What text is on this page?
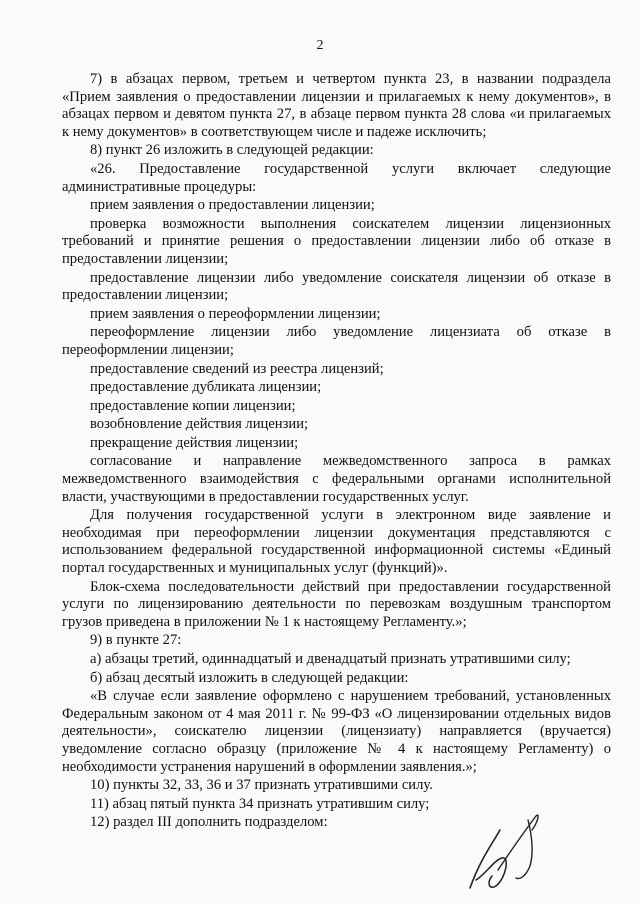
2

7) в абзацах первом, третьем и четвертом пункта 23, в названии подраздела «Прием заявления о предоставлении лицензии и прилагаемых к нему документов», в абзацах первом и девятом пункта 27, в абзаце первом пункта 28 слова «и прилагаемых к нему документов» в соответствующем числе и падеже исключить;

8) пункт 26 изложить в следующей редакции:

«26. Предоставление государственной услуги включает следующие административные процедуры:

прием заявления о предоставлении лицензии;

проверка возможности выполнения соискателем лицензии лицензионных требований и принятие решения о предоставлении лицензии либо об отказе в предоставлении лицензии;

предоставление лицензии либо уведомление соискателя лицензии об отказе в предоставлении лицензии;

прием заявления о переоформлении лицензии;

переоформление лицензии либо уведомление лицензиата об отказе в переоформлении лицензии;

предоставление сведений из реестра лицензий;

предоставление дубликата лицензии;

предоставление копии лицензии;

возобновление действия лицензии;

прекращение действия лицензии;

согласование и направление межведомственного запроса в рамках межведомственного взаимодействия с федеральными органами исполнительной власти, участвующими в предоставлении государственных услуг.

Для получения государственной услуги в электронном виде заявление и необходимая при переоформлении лицензии документация представляются с использованием федеральной государственной информационной системы «Единый портал государственных и муниципальных услуг (функций)».

Блок-схема последовательности действий при предоставлении государственной услуги по лицензированию деятельности по перевозкам воздушным транспортом грузов приведена в приложении № 1 к настоящему Регламенту.»;

9) в пункте 27:

а) абзацы третий, одиннадцатый и двенадцатый признать утратившими силу;

б) абзац десятый изложить в следующей редакции:

«В случае если заявление оформлено с нарушением требований, установленных Федеральным законом от 4 мая 2011 г. № 99-ФЗ «О лицензировании отдельных видов деятельности», соискателю лицензии (лицензиату) направляется (вручается) уведомление согласно образцу (приложение № 4 к настоящему Регламенту) о необходимости устранения нарушений в оформлении заявления.»;

10) пункты 32, 33, 36 и 37 признать утратившими силу.

11) абзац пятый пункта 34 признать утратившим силу;

12) раздел III дополнить подразделом:
